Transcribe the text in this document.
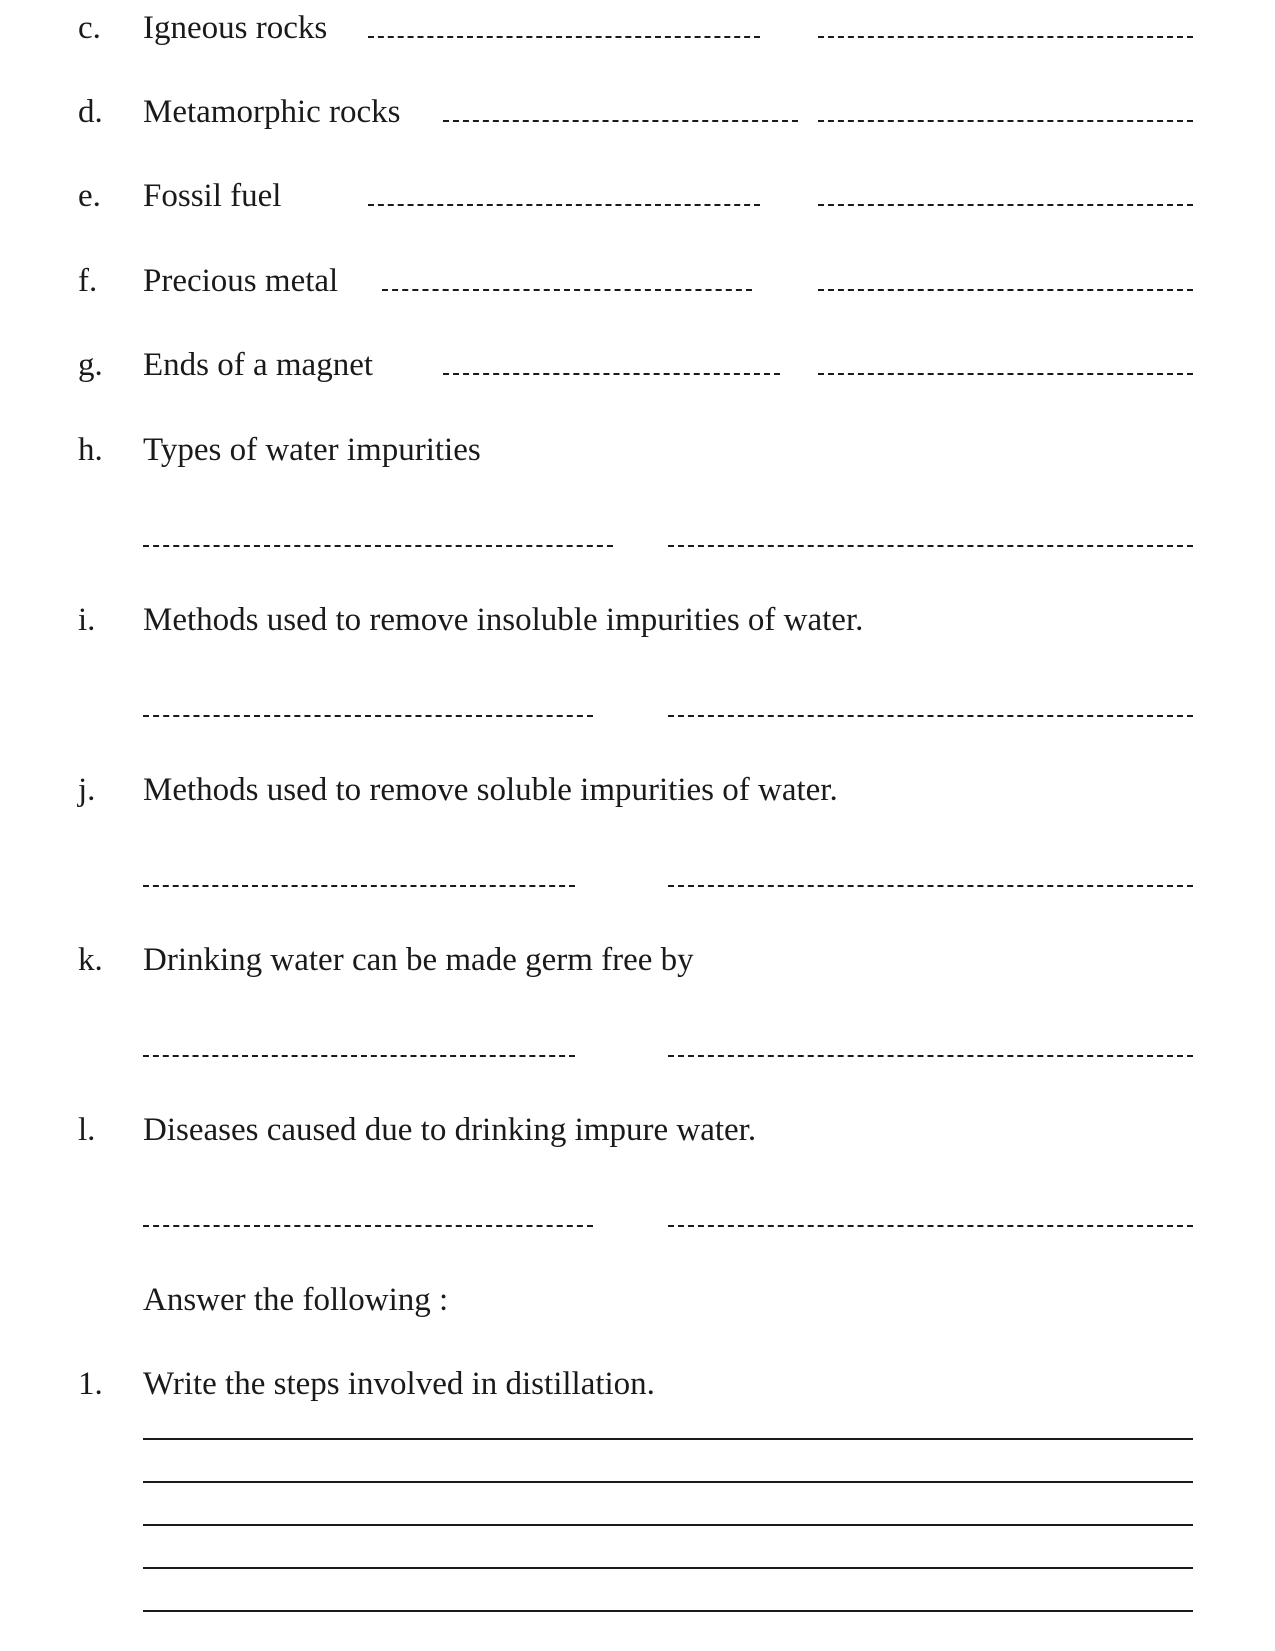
c. Igneous rocks
d. Metamorphic rocks
e. Fossil fuel
f. Precious metal
g. Ends of a magnet
h. Types of water impurities
i. Methods used to remove insoluble impurities of water.
j. Methods used to remove soluble impurities of water.
k. Drinking water can be made germ free by
l. Diseases caused due to drinking impure water.
Answer the following :
1. Write the steps involved in distillation.
